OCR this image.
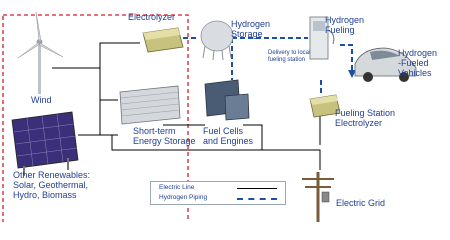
Wind
Electrolyzer
Hydrogen
Storage
Hydrogen
Fueling
Delivery to local
fueling station
Hydrogen
-Fueled
Vehicles
Other Renewables:
Solar, Geothermal,
Hydro, Biomass
Short-term
Energy Storage
Fuel Cells
and Engines
Fueling Station
Electrolyzer
Electric Grid
Electric Line
Hydrogen Piping
